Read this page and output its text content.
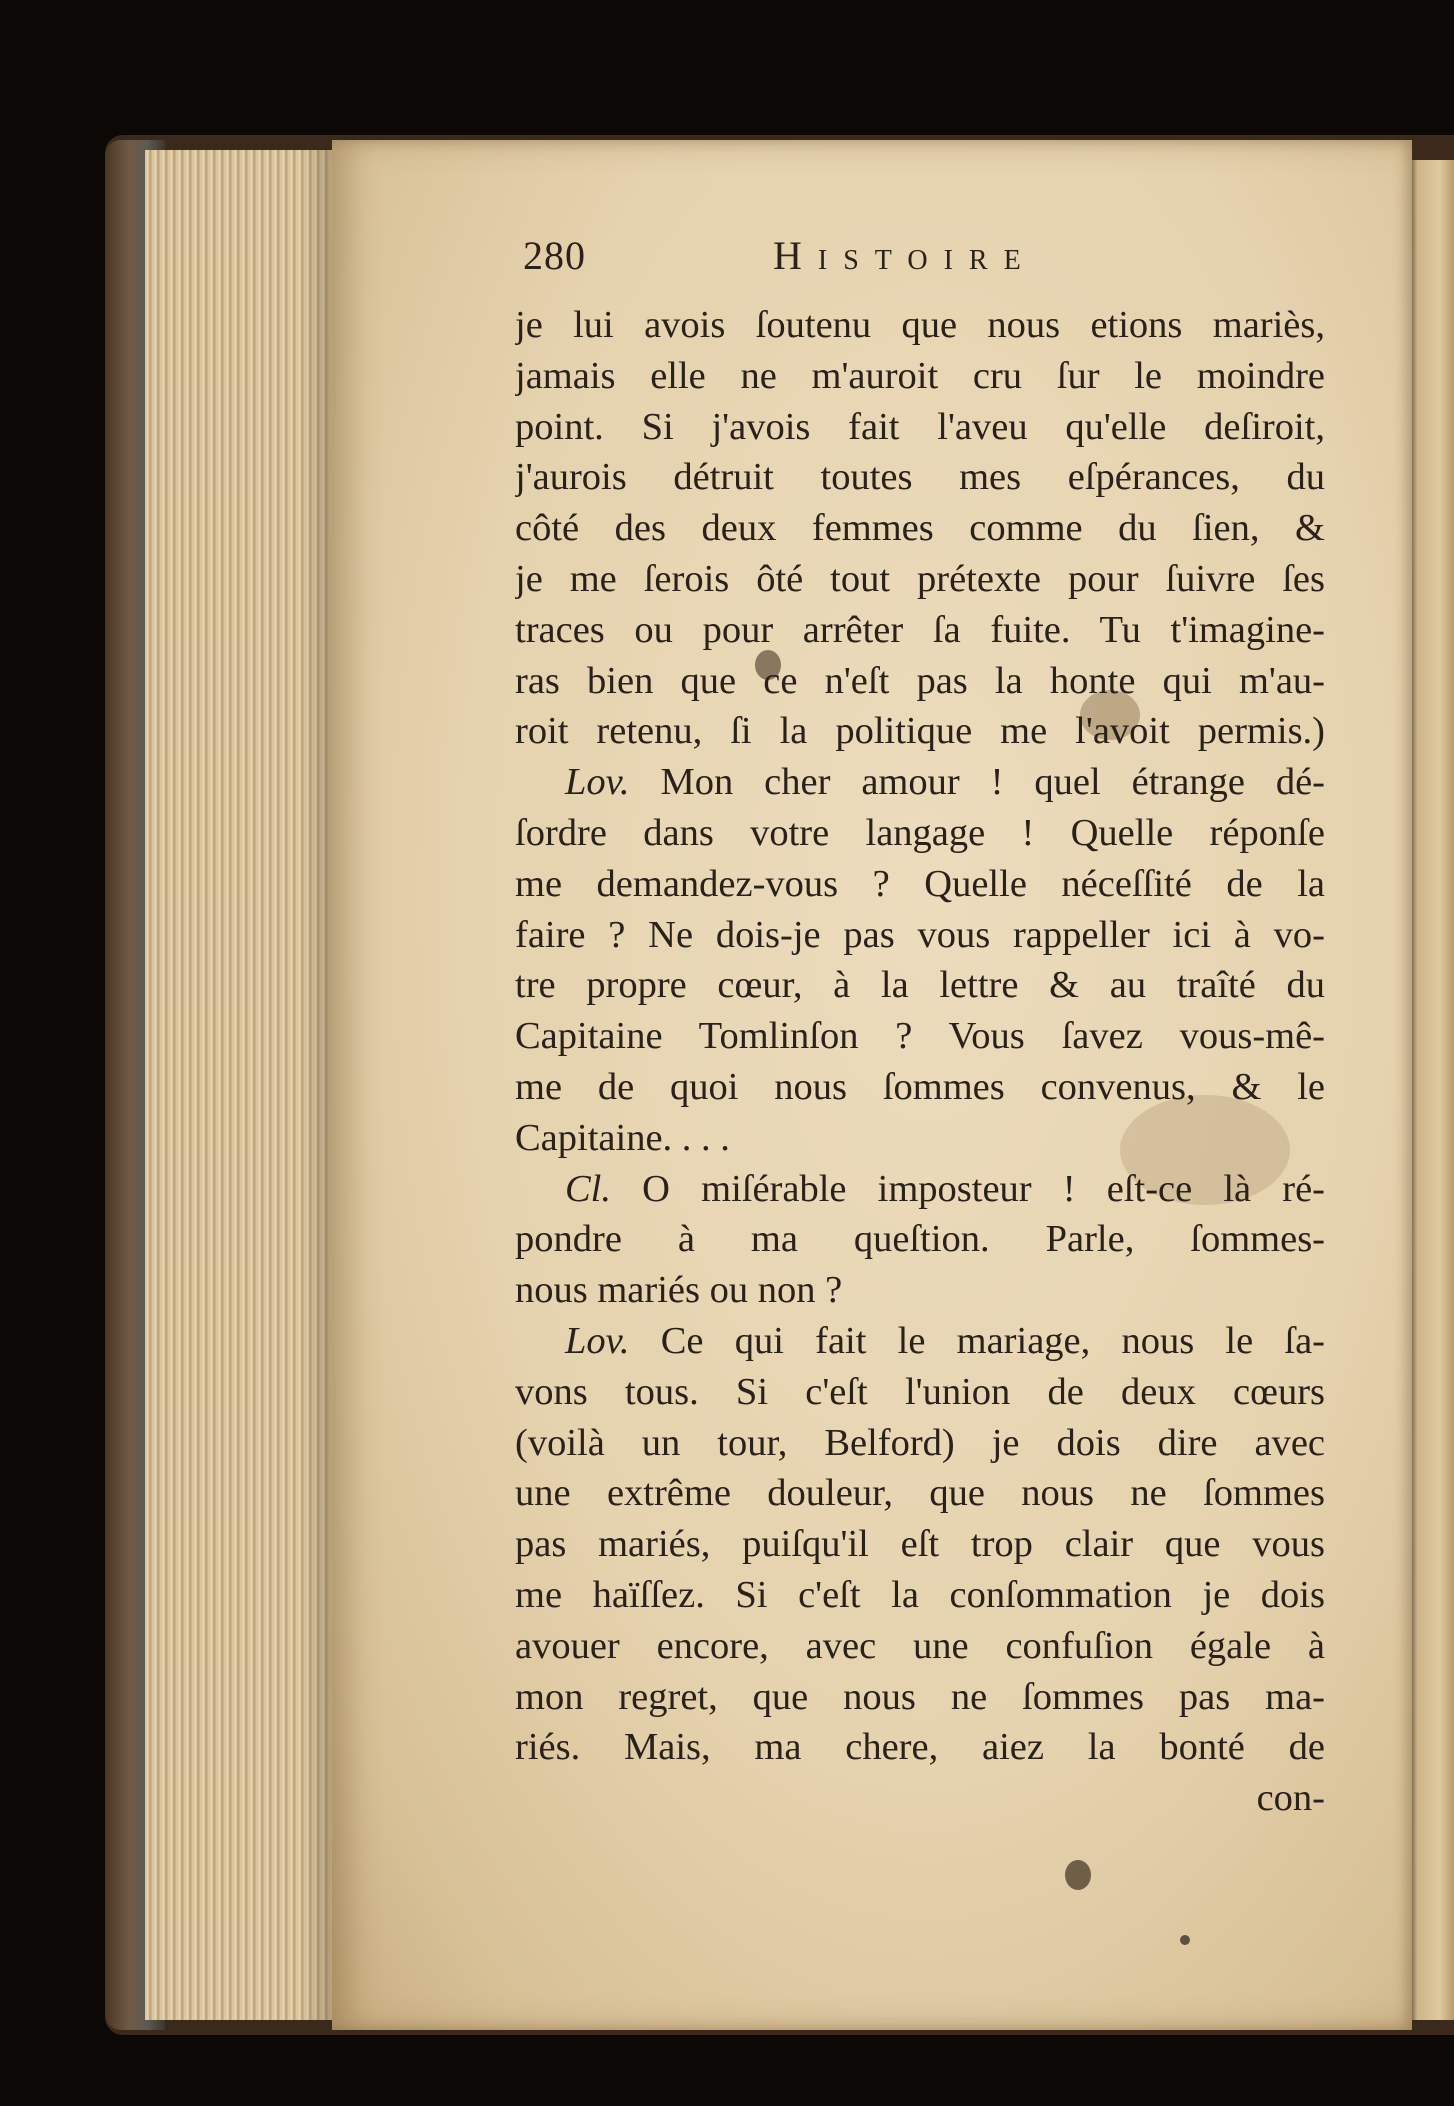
280	Histoire
je lui avois ſoutenu que nous etions mariès,
jamais elle ne m'auroit cru ſur le moindre
point. Si j'avois fait l'aveu qu'elle deſiroit,
j'aurois détruit toutes mes eſpérances, du
côté des deux femmes comme du ſien, &
je me ſerois ôté tout prétexte pour ſuivre ſes
traces ou pour arrêter ſa fuite. Tu t'imagine-
ras bien que ce n'eſt pas la honte qui m'au-
roit retenu, ſi la politique me l'avoit permis.)
Lov. Mon cher amour ! quel étrange dé-
ſordre dans votre langage ! Quelle réponſe
me demandez-vous ? Quelle néceſſité de la
faire ? Ne dois-je pas vous rappeller ici à vo-
tre propre cœur, à la lettre & au traîté du
Capitaine Tomlinſon ? Vous ſavez vous-mê-
me de quoi nous ſommes convenus, & le
Capitaine. . . .
Cl. O miſérable imposteur ! eſt-ce là ré-
pondre à ma queſtion. Parle, ſommes-
nous mariés ou non ?
Lov. Ce qui fait le mariage, nous le ſa-
vons tous. Si c'eſt l'union de deux cœurs
(voilà un tour, Belford) je dois dire avec
une extrême douleur, que nous ne ſommes
pas mariés, puiſqu'il eſt trop clair que vous
me haïſſez. Si c'eſt la conſommation je dois
avouer encore, avec une confuſion égale à
mon regret, que nous ne ſommes pas ma-
riés. Mais, ma chere, aiez la bonté de
con-
